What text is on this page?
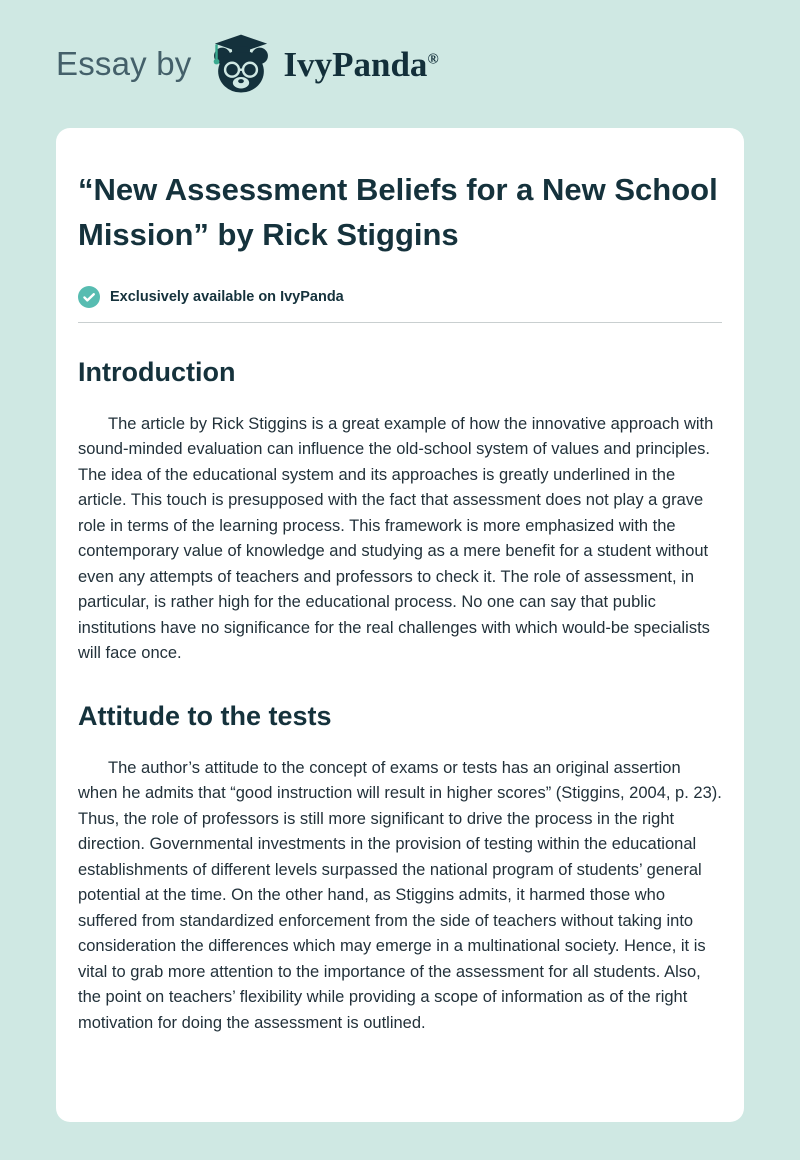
Essay by	IvyPanda®
“New Assessment Beliefs for a New School Mission” by Rick Stiggins
Exclusively available on IvyPanda
Introduction

The article by Rick Stiggins is a great example of how the innovative approach with sound-minded evaluation can influence the old-school system of values and principles. The idea of the educational system and its approaches is greatly underlined in the article. This touch is presupposed with the fact that assessment does not play a grave role in terms of the learning process. This framework is more emphasized with the contemporary value of knowledge and studying as a mere benefit for a student without even any attempts of teachers and professors to check it. The role of assessment, in particular, is rather high for the educational process. No one can say that public institutions have no significance for the real challenges with which would-be specialists will face once.

Attitude to the tests

The author’s attitude to the concept of exams or tests has an original assertion when he admits that “good instruction will result in higher scores” (Stiggins, 2004, p. 23). Thus, the role of professors is still more significant to drive the process in the right direction. Governmental investments in the provision of testing within the educational establishments of different levels surpassed the national program of students’ general potential at the time. On the other hand, as Stiggins admits, it harmed those who suffered from standardized enforcement from the side of teachers without taking into consideration the differences which may emerge in a multinational society. Hence, it is vital to grab more attention to the importance of the assessment for all students. Also, the point on teachers’ flexibility while providing a scope of information as of the right motivation for doing the assessment is outlined.
